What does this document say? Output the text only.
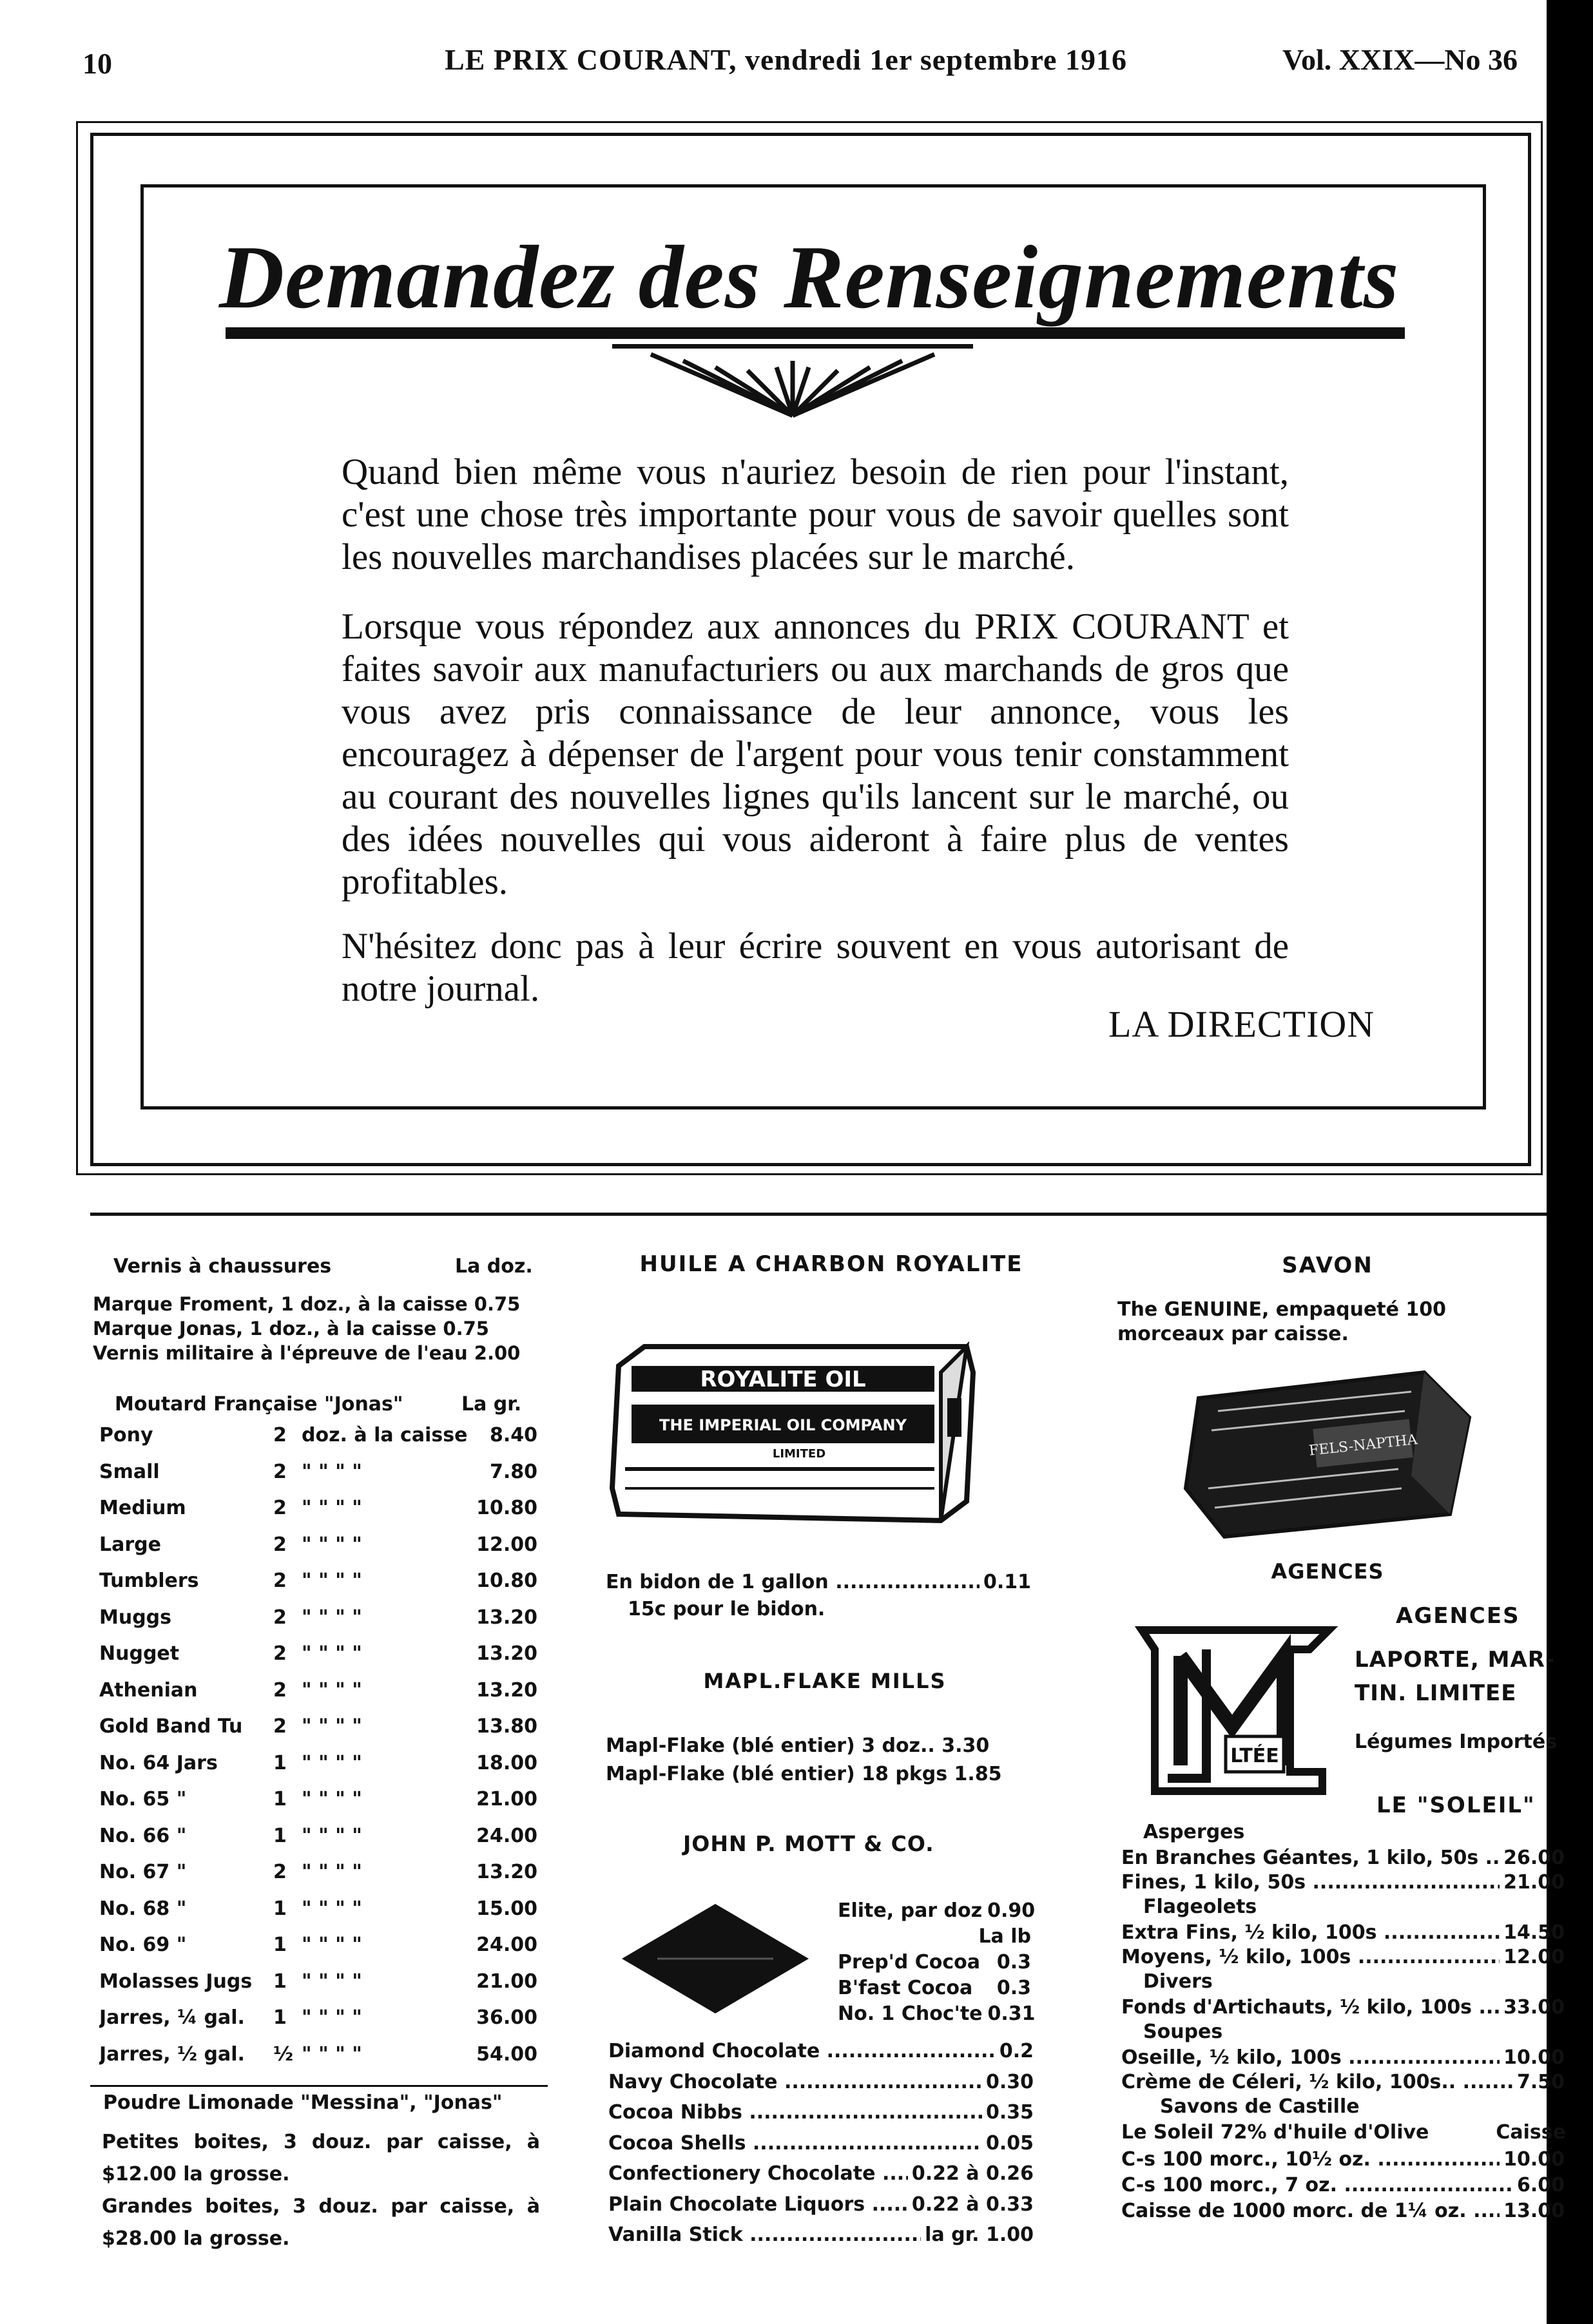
10	LE PRIX COURANT, vendredi 1er septembre 1916	Vol. XXIX—No 36
Demandez des Renseignements
Quand bien même vous n'auriez besoin de rien pour l'instant, c'est une chose très importante pour vous de savoir quelles sont les nouvelles marchandises placées sur le marché.
Lorsque vous répondez aux annonces du PRIX COURANT et faites savoir aux manufacturiers ou aux marchands de gros que vous avez pris connaissance de leur annonce, vous les encouragez à dépenser de l'argent pour vous tenir constamment au courant des nouvelles lignes qu'ils lancent sur le marché, ou des idées nouvelles qui vous aideront à faire plus de ventes profitables.
N'hésitez donc pas à leur écrire souvent en vous autorisant de notre journal.
LA DIRECTION
Vernis à chaussures	La doz.
Marque Froment, 1 doz., à la caisse 0.75
Marque Jonas, 1 doz., à la caisse 0.75
Vernis militaire à l'épreuve de l'eau 2.00
Moutard Française "Jonas"	La gr.
Pony	2 doz. à la caisse	8.40
Small	2 " " " "	7.80
Medium	2 " " " "	10.80
Large	2 " " " "	12.00
Tumblers	2 " " " "	10.80
Muggs	2 " " " "	13.20
Nugget	2 " " " "	13.20
Athenian	2 " " " "	13.20
Gold Band Tu	2 " " " "	13.80
No. 64 Jars	1 " " " "	18.00
No. 65 "	1 " " " "	21.00
No. 66 "	1 " " " "	24.00
No. 67 "	2 " " " "	13.20
No. 68 "	1 " " " "	15.00
No. 69 "	1 " " " "	24.00
Molasses Jugs	1 " " " "	21.00
Jarres, ¼ gal.	1 " " " "	36.00
Jarres, ½ gal.	½ " " " "	54.00
Poudre Limonade "Messina", "Jonas"
Petites boites, 3 douz. par caisse, à $12.00 la grosse.
Grandes boites, 3 douz. par caisse, à $28.00 la grosse.
HUILE A CHARBON ROYALITE
ROYALITE OIL
THE IMPERIAL OIL COMPANY
LIMITED
En bidon de 1 gallon .....	0.11
15c pour le bidon.
Mapl-Flake (blé entier) 3 doz.. 3.30
Mapl-Flake (blé entier) 18 pkgs 1.85
Elite, par doz 0.90
La lb
Prep'd Cocoa 0.3
B'fast Cocoa	0.3
No. 1 Choc'te 0.31
Diamond Chocolate .....	0.2
Navy Chocolate .....	0.30
Cocoa Nibbs .....	0.35
Cocoa Shells .....	0.05
Confectionery Chocolate .....	0.22 à 0.26
Plain Chocolate Liquors .....	0.22 à 0.33
Vanilla Stick .....	la gr. 1.00
MAPL.FLAKE MILLS
JOHN P. MOTT & CO.
SAVON
The GENUINE, empaqueté 100 morceaux par caisse.
FELS-NAPTHA
AGENCES
AGENCES
LTÉE
LAPORTE, MAR-
TIN. LIMITEE
Légumes Importés
LE "SOLEIL"
Asperges
En Branches Géantes, 1 kilo, 50s .....	26.00
Fines, 1 kilo, 50s .....	21.00
Flageolets
Extra Fins, ½ kilo, 100s .....	14.50
Moyens, ½ kilo, 100s .....	12.00
Divers
Fonds d'Artichauts, ½ kilo, 100s .....	33.00
Soupes
Oseille, ½ kilo, 100s .....	10.00
Crème de Céleri, ½ kilo, 100s.. .....	7.50
Savons de Castille
Le Soleil 72% d'huile d'Olive	Caisse
C-s 100 morc., 10½ oz. .....	10.00
C-s 100 morc., 7 oz. .....	6.00
Caisse de 1000 morc. de 1¼ oz. .....	13.00
